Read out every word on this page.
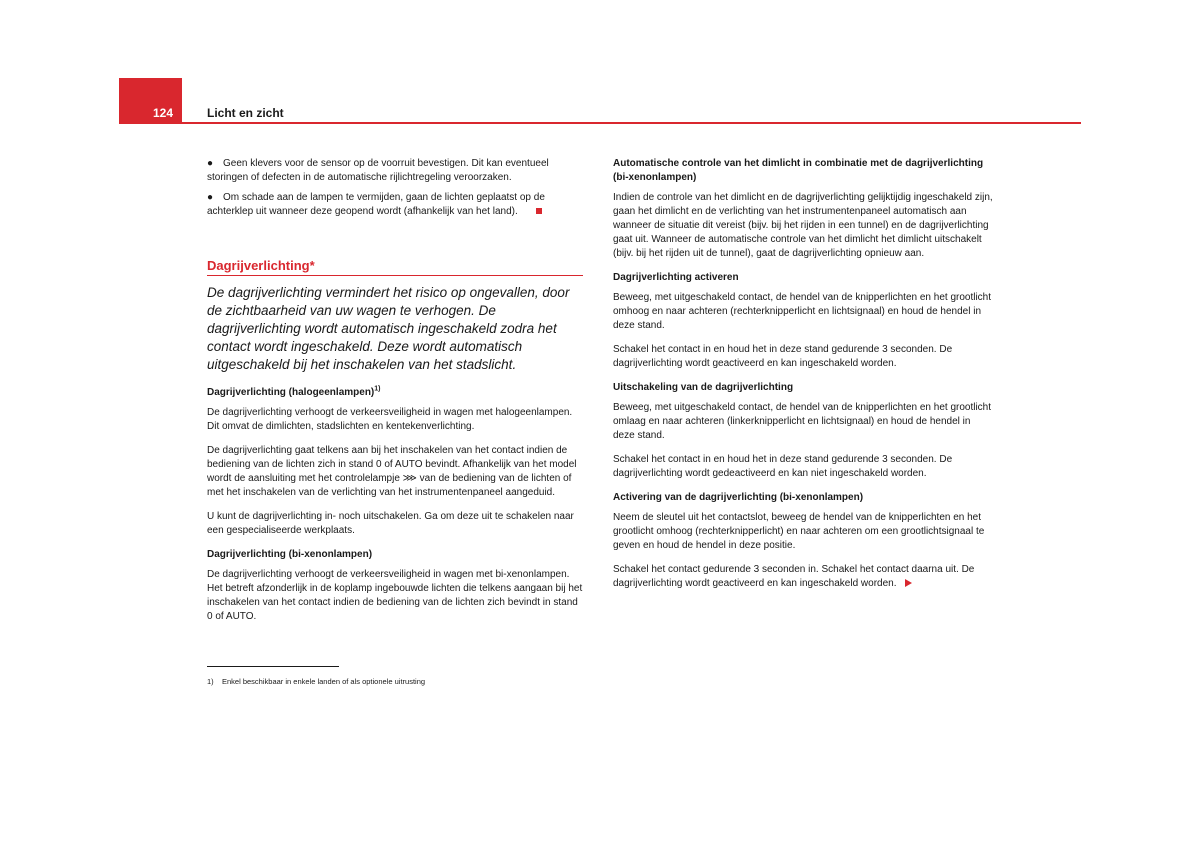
124	Licht en zicht

● Geen klevers voor de sensor op de voorruit bevestigen. Dit kan eventueel storingen of defecten in de automatische rijlichtregeling veroorzaken.

● Om schade aan de lampen te vermijden, gaan de lichten geplaatst op de achterklep uit wanneer deze geopend wordt (afhankelijk van het land).

Dagrijverlichting*

De dagrijverlichting vermindert het risico op ongevallen, door de zichtbaarheid van uw wagen te verhogen. De dagrijverlichting wordt automatisch ingeschakeld zodra het contact wordt ingeschakeld. Deze wordt automatisch uitgeschakeld bij het inschakelen van het stadslicht.

Dagrijverlichting (halogeenlampen)$^{1)}$

De dagrijverlichting verhoogt de verkeersveiligheid in wagen met halogeenlampen. Dit omvat de dimlichten, stadslichten en kentekenverlichting.

De dagrijverlichting gaat telkens aan bij het inschakelen van het contact indien de bediening van de lichten zich in stand 0 of AUTO bevindt. Afhankelijk van het model wordt de aansluiting met het controlelampje ⋙ van de bediening van de lichten of met het inschakelen van de verlichting van het instrumentenpaneel aangeduid.

U kunt de dagrijverlichting in- noch uitschakelen. Ga om deze uit te schakelen naar een gespecialiseerde werkplaats.

Dagrijverlichting (bi-xenonlampen)

De dagrijverlichting verhoogt de verkeersveiligheid in wagen met bi-xenonlampen. Het betreft afzonderlijk in de koplamp ingebouwde lichten die telkens aangaan bij het inschakelen van het contact indien de bediening van de lichten zich bevindt in stand 0 of AUTO.

Automatische controle van het dimlicht in combinatie met de dagrijverlichting (bi-xenonlampen)

Indien de controle van het dimlicht en de dagrijverlichting gelijktijdig ingeschakeld zijn, gaan het dimlicht en de verlichting van het instrumentenpaneel automatisch aan wanneer de situatie dit vereist (bijv. bij het rijden in een tunnel) en de dagrijverlichting gaat uit. Wanneer de automatische controle van het dimlicht het dimlicht uitschakelt (bijv. bij het rijden uit de tunnel), gaat de dagrijverlichting opnieuw aan.

Dagrijverlichting activeren

Beweeg, met uitgeschakeld contact, de hendel van de knipperlichten en het grootlicht omhoog en naar achteren (rechterknipperlicht en lichtsignaal) en houd de hendel in deze stand.

Schakel het contact in en houd het in deze stand gedurende 3 seconden. De dagrijverlichting wordt geactiveerd en kan ingeschakeld worden.

Uitschakeling van de dagrijverlichting

Beweeg, met uitgeschakeld contact, de hendel van de knipperlichten en het grootlicht omlaag en naar achteren (linkerknipperlicht en lichtsignaal) en houd de hendel in deze stand.

Schakel het contact in en houd het in deze stand gedurende 3 seconden. De dagrijverlichting wordt gedeactiveerd en kan niet ingeschakeld worden.

Activering van de dagrijverlichting (bi-xenonlampen)

Neem de sleutel uit het contactslot, beweeg de hendel van de knipperlichten en het grootlicht omhoog (rechterknipperlicht) en naar achteren om een grootlichtsignaal te geven en houd de hendel in deze positie.

Schakel het contact gedurende 3 seconden in. Schakel het contact daarna uit. De dagrijverlichting wordt geactiveerd en kan ingeschakeld worden.

1) Enkel beschikbaar in enkele landen of als optionele uitrusting
